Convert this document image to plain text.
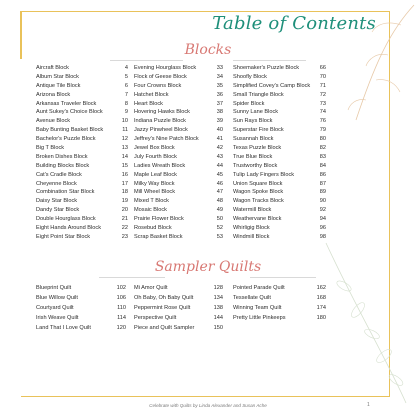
Table of Contents
Blocks
Aircraft Block	4
Album Star Block	5
Antique Tile Block	6
Arizona Block	7
Arkansas Traveler Block	8
Aunt Sukey's Choice Block	9
Avenue Block	10
Baby Bunting Basket Block	11
Bachelor's Puzzle Block	12
Big T Block	13
Broken Dishes Block	14
Building Blocks Block	15
Cat's Cradle Block	16
Cheyenne Block	17
Combination Star Block	18
Daisy Star Block	19
Dandy Star Block	20
Double Hourglass Block	21
Eight Hands Around Block	22
Eight Point Star Block	23
Evening Hourglass Block	33
Flock of Geese Block	34
Four Crowns Block	35
Hatchet Block	36
Heart Block	37
Hovering Hawks Block	38
Indiana Puzzle Block	39
Jazzy Pinwheel Block	40
Jeffrey's Nine Patch Block	41
Jewel Box Block	42
July Fourth Block	43
Ladies Wreath Block	44
Maple Leaf Block	45
Milky Way Block	46
Mill Wheel Block	47
Mixed T Block	48
Mosaic Block	49
Prairie Flower Block	50
Rosebud Block	52
Scrap Basket Block	53
Shoemaker's Puzzle Block	66
Shoofly Block	70
Simplified Covey's Camp Block 71
Small Triangle Block	72
Spider Block	73
Sunny Lane Block	74
Sun Rays Block	76
Superstar Fire Block	79
Susannah Block	80
Texas Puzzle Block	82
True Blue Block	83
Trustworthy Block	84
Tulip Lady Fingers Block	86
Union Square Block	87
Wagon Spoke Block	89
Wagon Tracks Block	90
Watermill Block	92
Weathervane Block	94
Whirligig Block	96
Windmill Block	98
Sampler Quilts
Blueprint Quilt	102
Blue Willow Quilt	106
Courtyard Quilt	110
Irish Weave Quilt	114
Land That I Love Quilt	120
Mi Amor Quilt	128
Oh Baby, Oh Baby Quilt	134
Peppermint Rose Quilt	138
Perspective Quilt	144
Piece and Quilt Sampler	150
Pointed Parade Quilt	162
Tessellate Quilt	168
Winning Team Quilt	174
Pretty Little Pinkeeps	180
Celebrate with Quilts by Linda Alexander and Susan Ache	1
